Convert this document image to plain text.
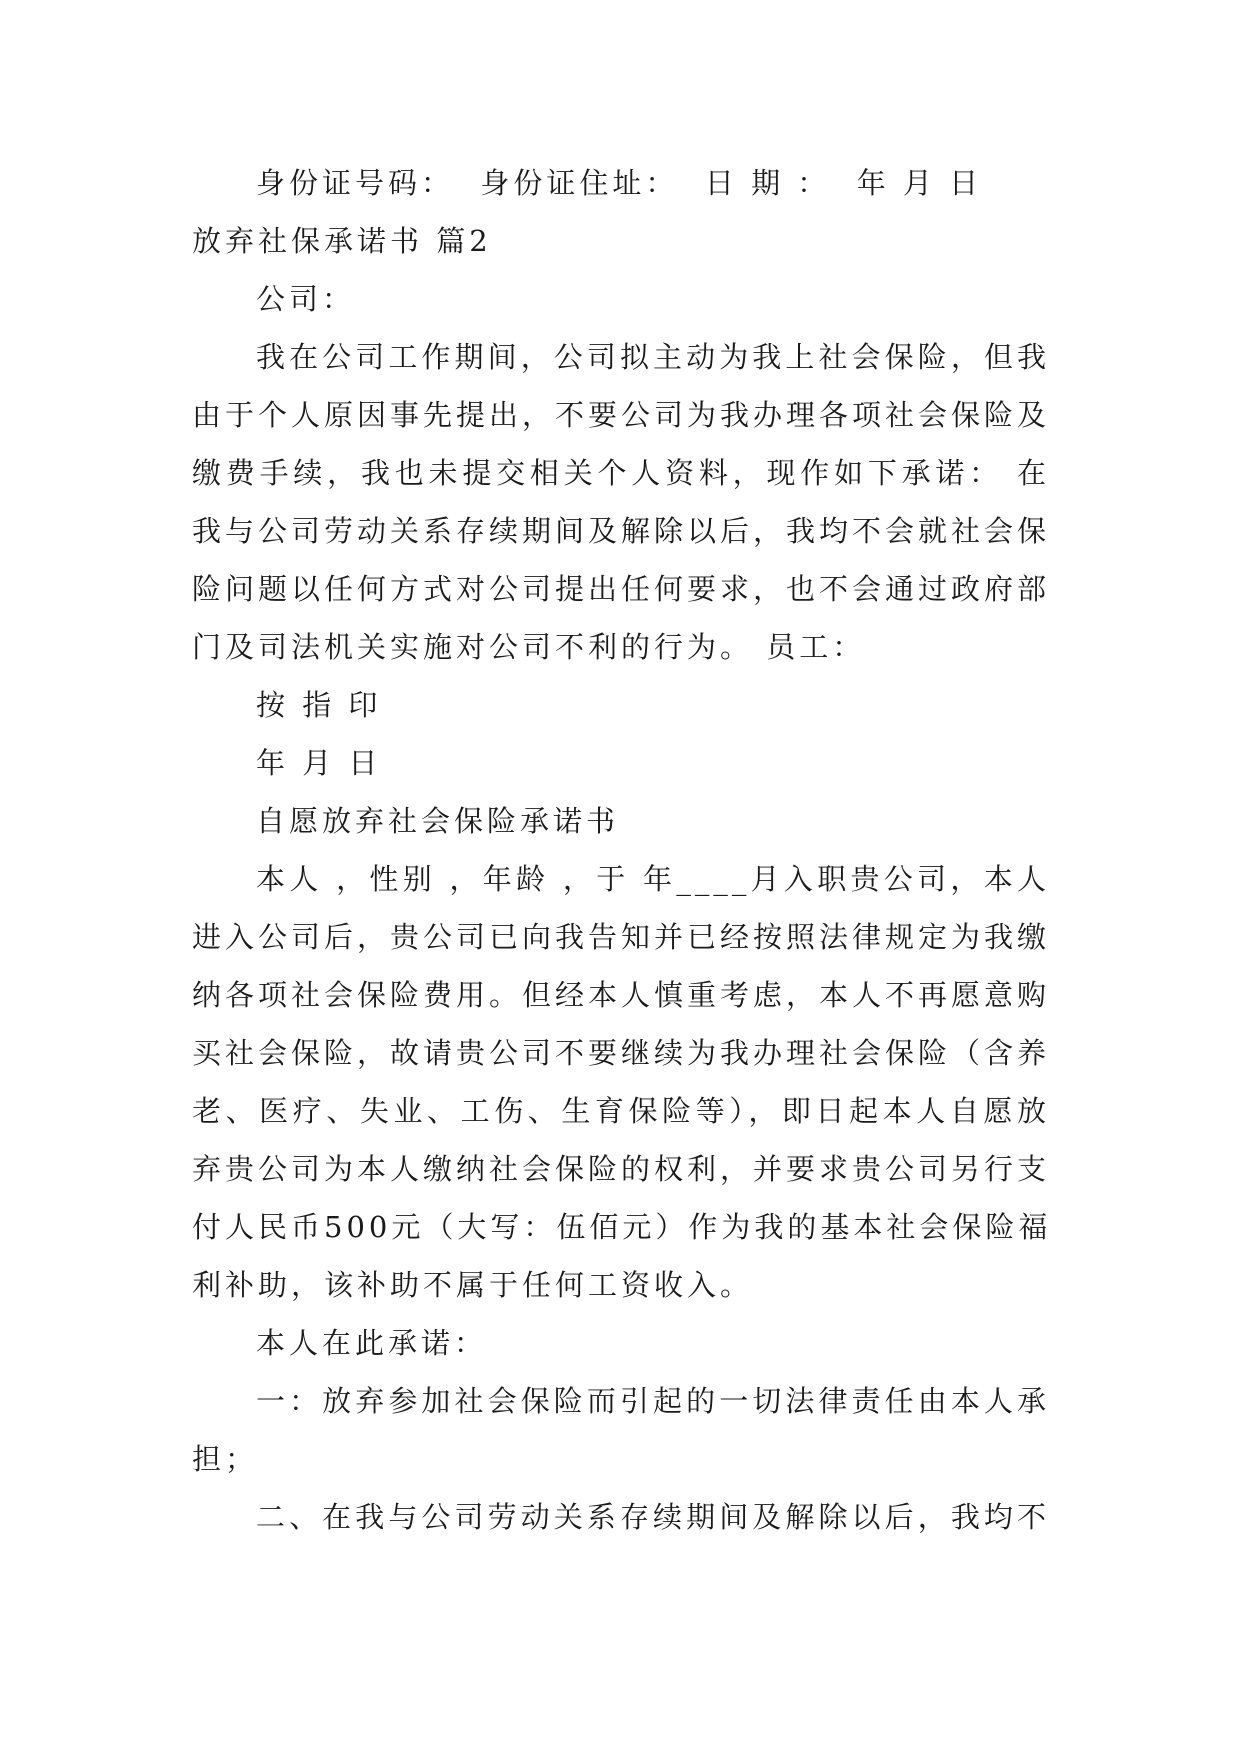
身份证号码：  身份证住址：  日 期 ：  年 月 日

放弃社保承诺书 篇2

公司：

我在公司工作期间，公司拟主动为我上社会保险，但我
由于个人原因事先提出，不要公司为我办理各项社会保险及
缴费手续，我也未提交相关个人资料，现作如下承诺： 在
我与公司劳动关系存续期间及解除以后，我均不会就社会保
险问题以任何方式对公司提出任何要求，也不会通过政府部
门及司法机关实施对公司不利的行为。 员工：

按 指 印

年 月 日

自愿放弃社会保险承诺书

本人 ，性别 ，年龄 ，于 年____月入职贵公司，本人
进入公司后，贵公司已向我告知并已经按照法律规定为我缴
纳各项社会保险费用。但经本人慎重考虑，本人不再愿意购
买社会保险，故请贵公司不要继续为我办理社会保险（含养
老、医疗、失业、工伤、生育保险等），即日起本人自愿放
弃贵公司为本人缴纳社会保险的权利，并要求贵公司另行支
付人民币500元（大写：伍佰元）作为我的基本社会保险福
利补助，该补助不属于任何工资收入。

本人在此承诺：

一：放弃参加社会保险而引起的一切法律责任由本人承
担；
二、在我与公司劳动关系存续期间及解除以后，我均不
